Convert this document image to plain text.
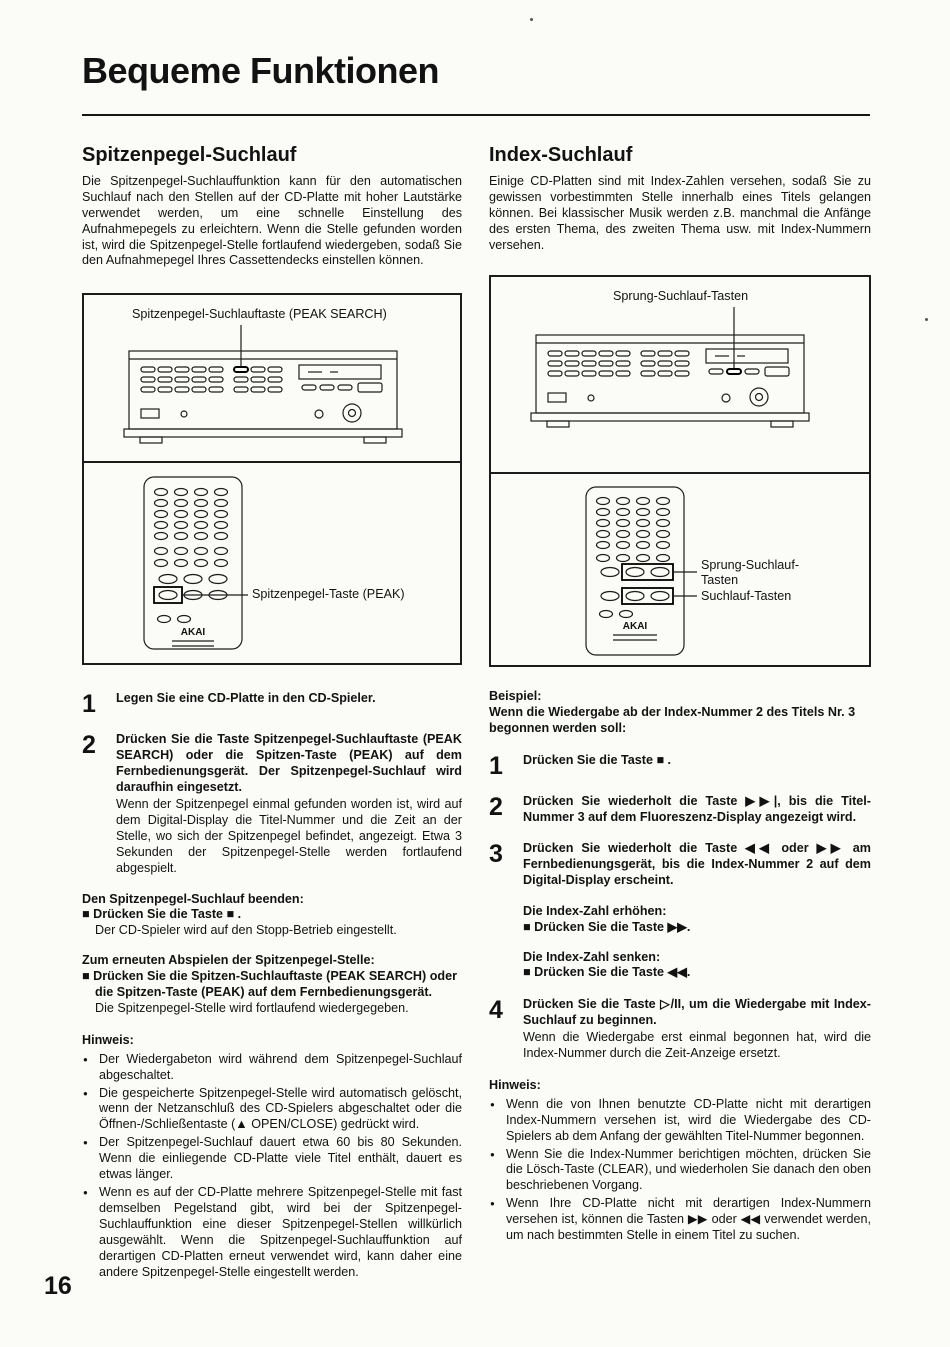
Bequeme Funktionen
Spitzenpegel-Suchlauf

Die Spitzenpegel-Suchlauffunktion kann für den automatischen Suchlauf nach den Stellen auf der CD-Platte mit hoher Lautstärke verwendet werden, um eine schnelle Einstellung des Aufnahmepegels zu erleichtern. Wenn die Stelle gefunden worden ist, wird die Spitzenpegel-Stelle fortlaufend wiedergeben, sodaß Sie den Aufnahmepegel Ihres Cassettendecks einstellen können.

AKAI
Spitzenpegel-Suchlauftaste (PEAK SEARCH)
Spitzenpegel-Taste (PEAK)
1	Legen Sie eine CD-Platte in den CD-Spieler.
2	Drücken Sie die Taste Spitzenpegel-Suchlauftaste (PEAK SEARCH) oder die Spitzen-Taste (PEAK) auf dem Fernbedienungsgerät. Der Spitzenpegel-Suchlauf wird daraufhin eingesetzt.
Wenn der Spitzenpegel einmal gefunden worden ist, wird auf dem Digital-Display die Titel-Nummer und die Zeit an der Stelle, wo sich der Spitzenpegel befindet, angezeigt. Etwa 3 Sekunden der Spitzenpegel-Stelle werden fortlaufend abgespielt.
Den Spitzenpegel-Suchlauf beenden:
■ Drücken Sie die Taste ■ .
Der CD-Spieler wird auf den Stopp-Betrieb eingestellt.
Zum erneuten Abspielen der Spitzenpegel-Stelle:
■ Drücken Sie die Spitzen-Suchlauftaste (PEAK SEARCH) oder die Spitzen-Taste (PEAK) auf dem Fernbedienungsgerät.
Die Spitzenpegel-Stelle wird fortlaufend wiedergegeben.
Hinweis:
● Der Wiedergabeton wird während dem Spitzenpegel-Suchlauf abgeschaltet.
● Die gespeicherte Spitzenpegel-Stelle wird automatisch gelöscht, wenn der Netzanschluß des CD-Spielers abgeschaltet oder die Öffnen-/Schließentaste (▲ OPEN/CLOSE) gedrückt wird.
● Der Spitzenpegel-Suchlauf dauert etwa 60 bis 80 Sekunden. Wenn die einliegende CD-Platte viele Titel enthält, dauert es etwas länger.
● Wenn es auf der CD-Platte mehrere Spitzenpegel-Stelle mit fast demselben Pegelstand gibt, wird bei der Spitzenpegel-Suchlauffunktion eine dieser Spitzenpegel-Stellen willkürlich ausgewählt. Wenn die Spitzenpegel-Suchlauffunktion auf derartigen CD-Platten erneut verwendet wird, kann daher eine andere Spitzenpegel-Stelle eingestellt werden.
Index-Suchlauf

Einige CD-Platten sind mit Index-Zahlen versehen, sodaß Sie zu gewissen vorbestimmten Stelle innerhalb eines Titels gelangen können. Bei klassischer Musik werden z.B. manchmal die Anfänge des ersten Thema, des zweiten Thema usw. mit Index-Nummern versehen.

AKAI
Sprung-Suchlauf-Tasten
Sprung-Suchlauf-Tasten
Suchlauf-Tasten
Beispiel:
Wenn die Wiedergabe ab der Index-Nummer 2 des Titels Nr. 3 begonnen werden soll:
1	Drücken Sie die Taste ■ .
2	Drücken Sie wiederholt die Taste ▶▶|, bis die Titel-Nummer 3 auf dem Fluoreszenz-Display angezeigt wird.
3	Drücken Sie wiederholt die Taste ◀◀ oder ▶▶ am Fernbedienungsgerät, bis die Index-Nummer 2 auf dem Digital-Display erscheint.
Die Index-Zahl erhöhen:
■ Drücken Sie die Taste ▶▶.
Die Index-Zahl senken:
■ Drücken Sie die Taste ◀◀.
4	Drücken Sie die Taste ▷/II, um die Wiedergabe mit Index-Suchlauf zu beginnen.
Wenn die Wiedergabe erst einmal begonnen hat, wird die Index-Nummer durch die Zeit-Anzeige ersetzt.
Hinweis:
● Wenn die von Ihnen benutzte CD-Platte nicht mit derartigen Index-Nummern versehen ist, wird die Wiedergabe des CD-Spielers ab dem Anfang der gewählten Titel-Nummer begonnen.
● Wenn Sie die Index-Nummer berichtigen möchten, drücken Sie die Lösch-Taste (CLEAR), und wiederholen Sie danach den oben beschriebenen Vorgang.
● Wenn Ihre CD-Platte nicht mit derartigen Index-Nummern versehen ist, können die Tasten ▶▶ oder ◀◀ verwendet werden, um nach bestimmten Stelle in einem Titel zu suchen.
16
